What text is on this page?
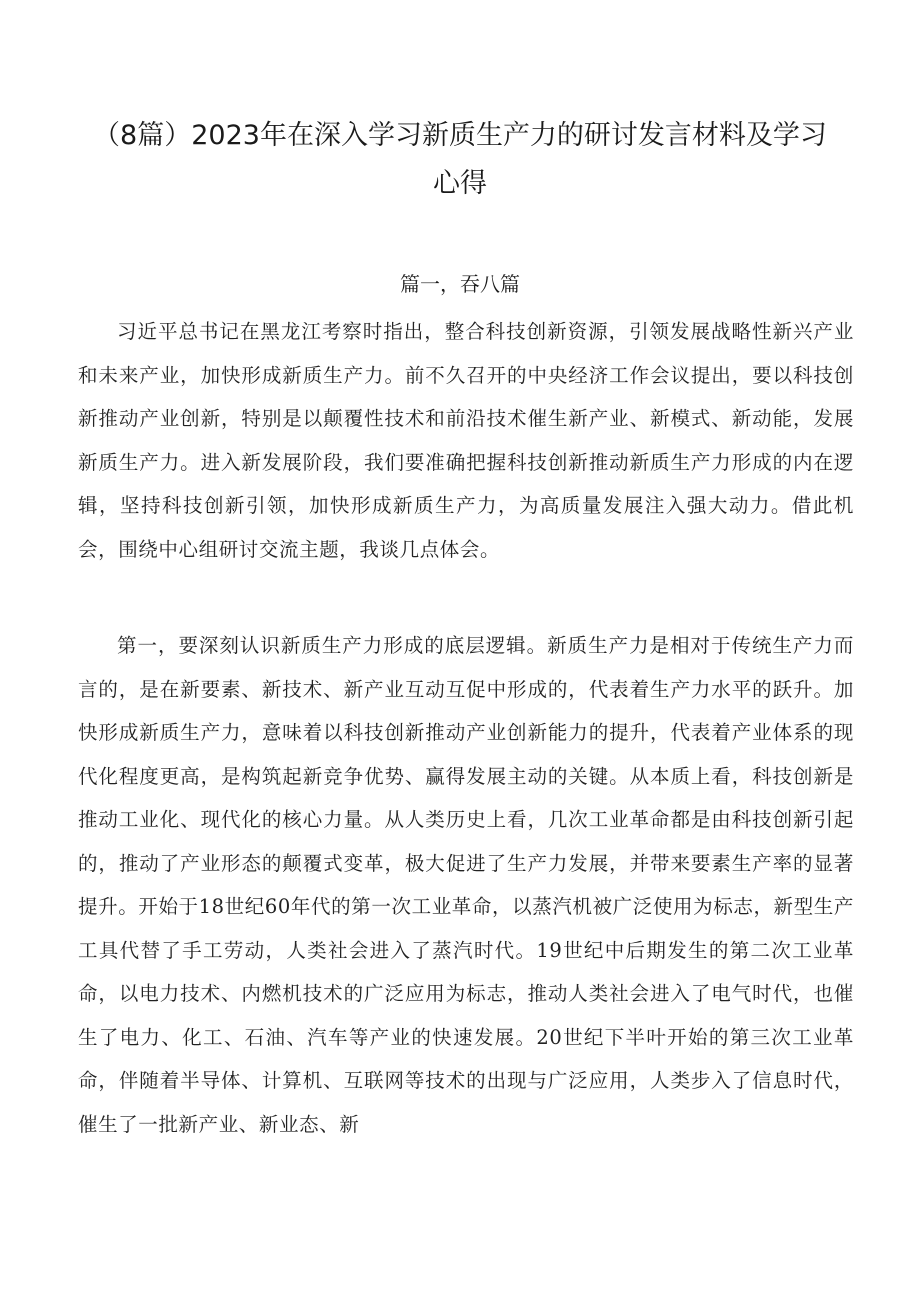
（8篇）2023年在深入学习新质生产力的研讨发言材料及学习心得
篇一，吞八篇

习近平总书记在黑龙江考察时指出，整合科技创新资源，引领发展战略性新兴产业和未来产业，加快形成新质生产力。前不久召开的中央经济工作会议提出，要以科技创新推动产业创新，特别是以颠覆性技术和前沿技术催生新产业、新模式、新动能，发展新质生产力。进入新发展阶段，我们要准确把握科技创新推动新质生产力形成的内在逻辑，坚持科技创新引领，加快形成新质生产力，为高质量发展注入强大动力。借此机会，围绕中心组研讨交流主题，我谈几点体会。

第一，要深刻认识新质生产力形成的底层逻辑。新质生产力是相对于传统生产力而言的，是在新要素、新技术、新产业互动互促中形成的，代表着生产力水平的跃升。加快形成新质生产力，意味着以科技创新推动产业创新能力的提升，代表着产业体系的现代化程度更高，是构筑起新竞争优势、赢得发展主动的关键。从本质上看，科技创新是推动工业化、现代化的核心力量。从人类历史上看，几次工业革命都是由科技创新引起的，推动了产业形态的颠覆式变革，极大促进了生产力发展，并带来要素生产率的显著提升。开始于18世纪60年代的第一次工业革命，以蒸汽机被广泛使用为标志，新型生产工具代替了手工劳动，人类社会进入了蒸汽时代。19世纪中后期发生的第二次工业革命，以电力技术、内燃机技术的广泛应用为标志，推动人类社会进入了电气时代，也催生了电力、化工、石油、汽车等产业的快速发展。20世纪下半叶开始的第三次工业革命，伴随着半导体、计算机、互联网等技术的出现与广泛应用，人类步入了信息时代，催生了一批新产业、新业态、新
